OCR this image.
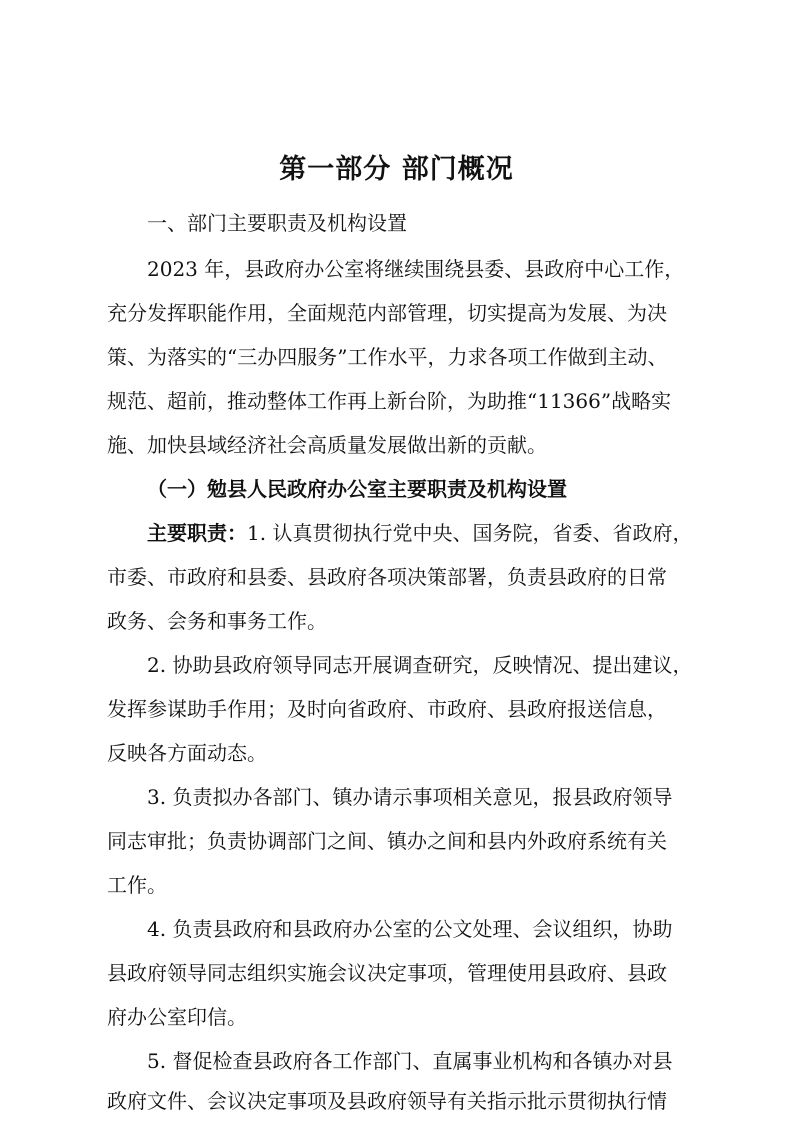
第一部分 部门概况
一、部门主要职责及机构设置
2023 年，县政府办公室将继续围绕县委、县政府中心工作，
充分发挥职能作用，全面规范内部管理，切实提高为发展、为决
策、为落实的“三办四服务”工作水平，力求各项工作做到主动、
规范、超前，推动整体工作再上新台阶，为助推“11366”战略实
施、加快县域经济社会高质量发展做出新的贡献。
（一）勉县人民政府办公室主要职责及机构设置
主要职责：1. 认真贯彻执行党中央、国务院，省委、省政府，
市委、市政府和县委、县政府各项决策部署，负责县政府的日常
政务、会务和事务工作。
2. 协助县政府领导同志开展调查研究，反映情况、提出建议，
发挥参谋助手作用；及时向省政府、市政府、县政府报送信息，
反映各方面动态。
3. 负责拟办各部门、镇办请示事项相关意见，报县政府领导
同志审批；负责协调部门之间、镇办之间和县内外政府系统有关
工作。
4. 负责县政府和县政府办公室的公文处理、会议组织，协助
县政府领导同志组织实施会议决定事项，管理使用县政府、县政
府办公室印信。
5. 督促检查县政府各工作部门、直属事业机构和各镇办对县
政府文件、会议决定事项及县政府领导有关指示批示贯彻执行情
